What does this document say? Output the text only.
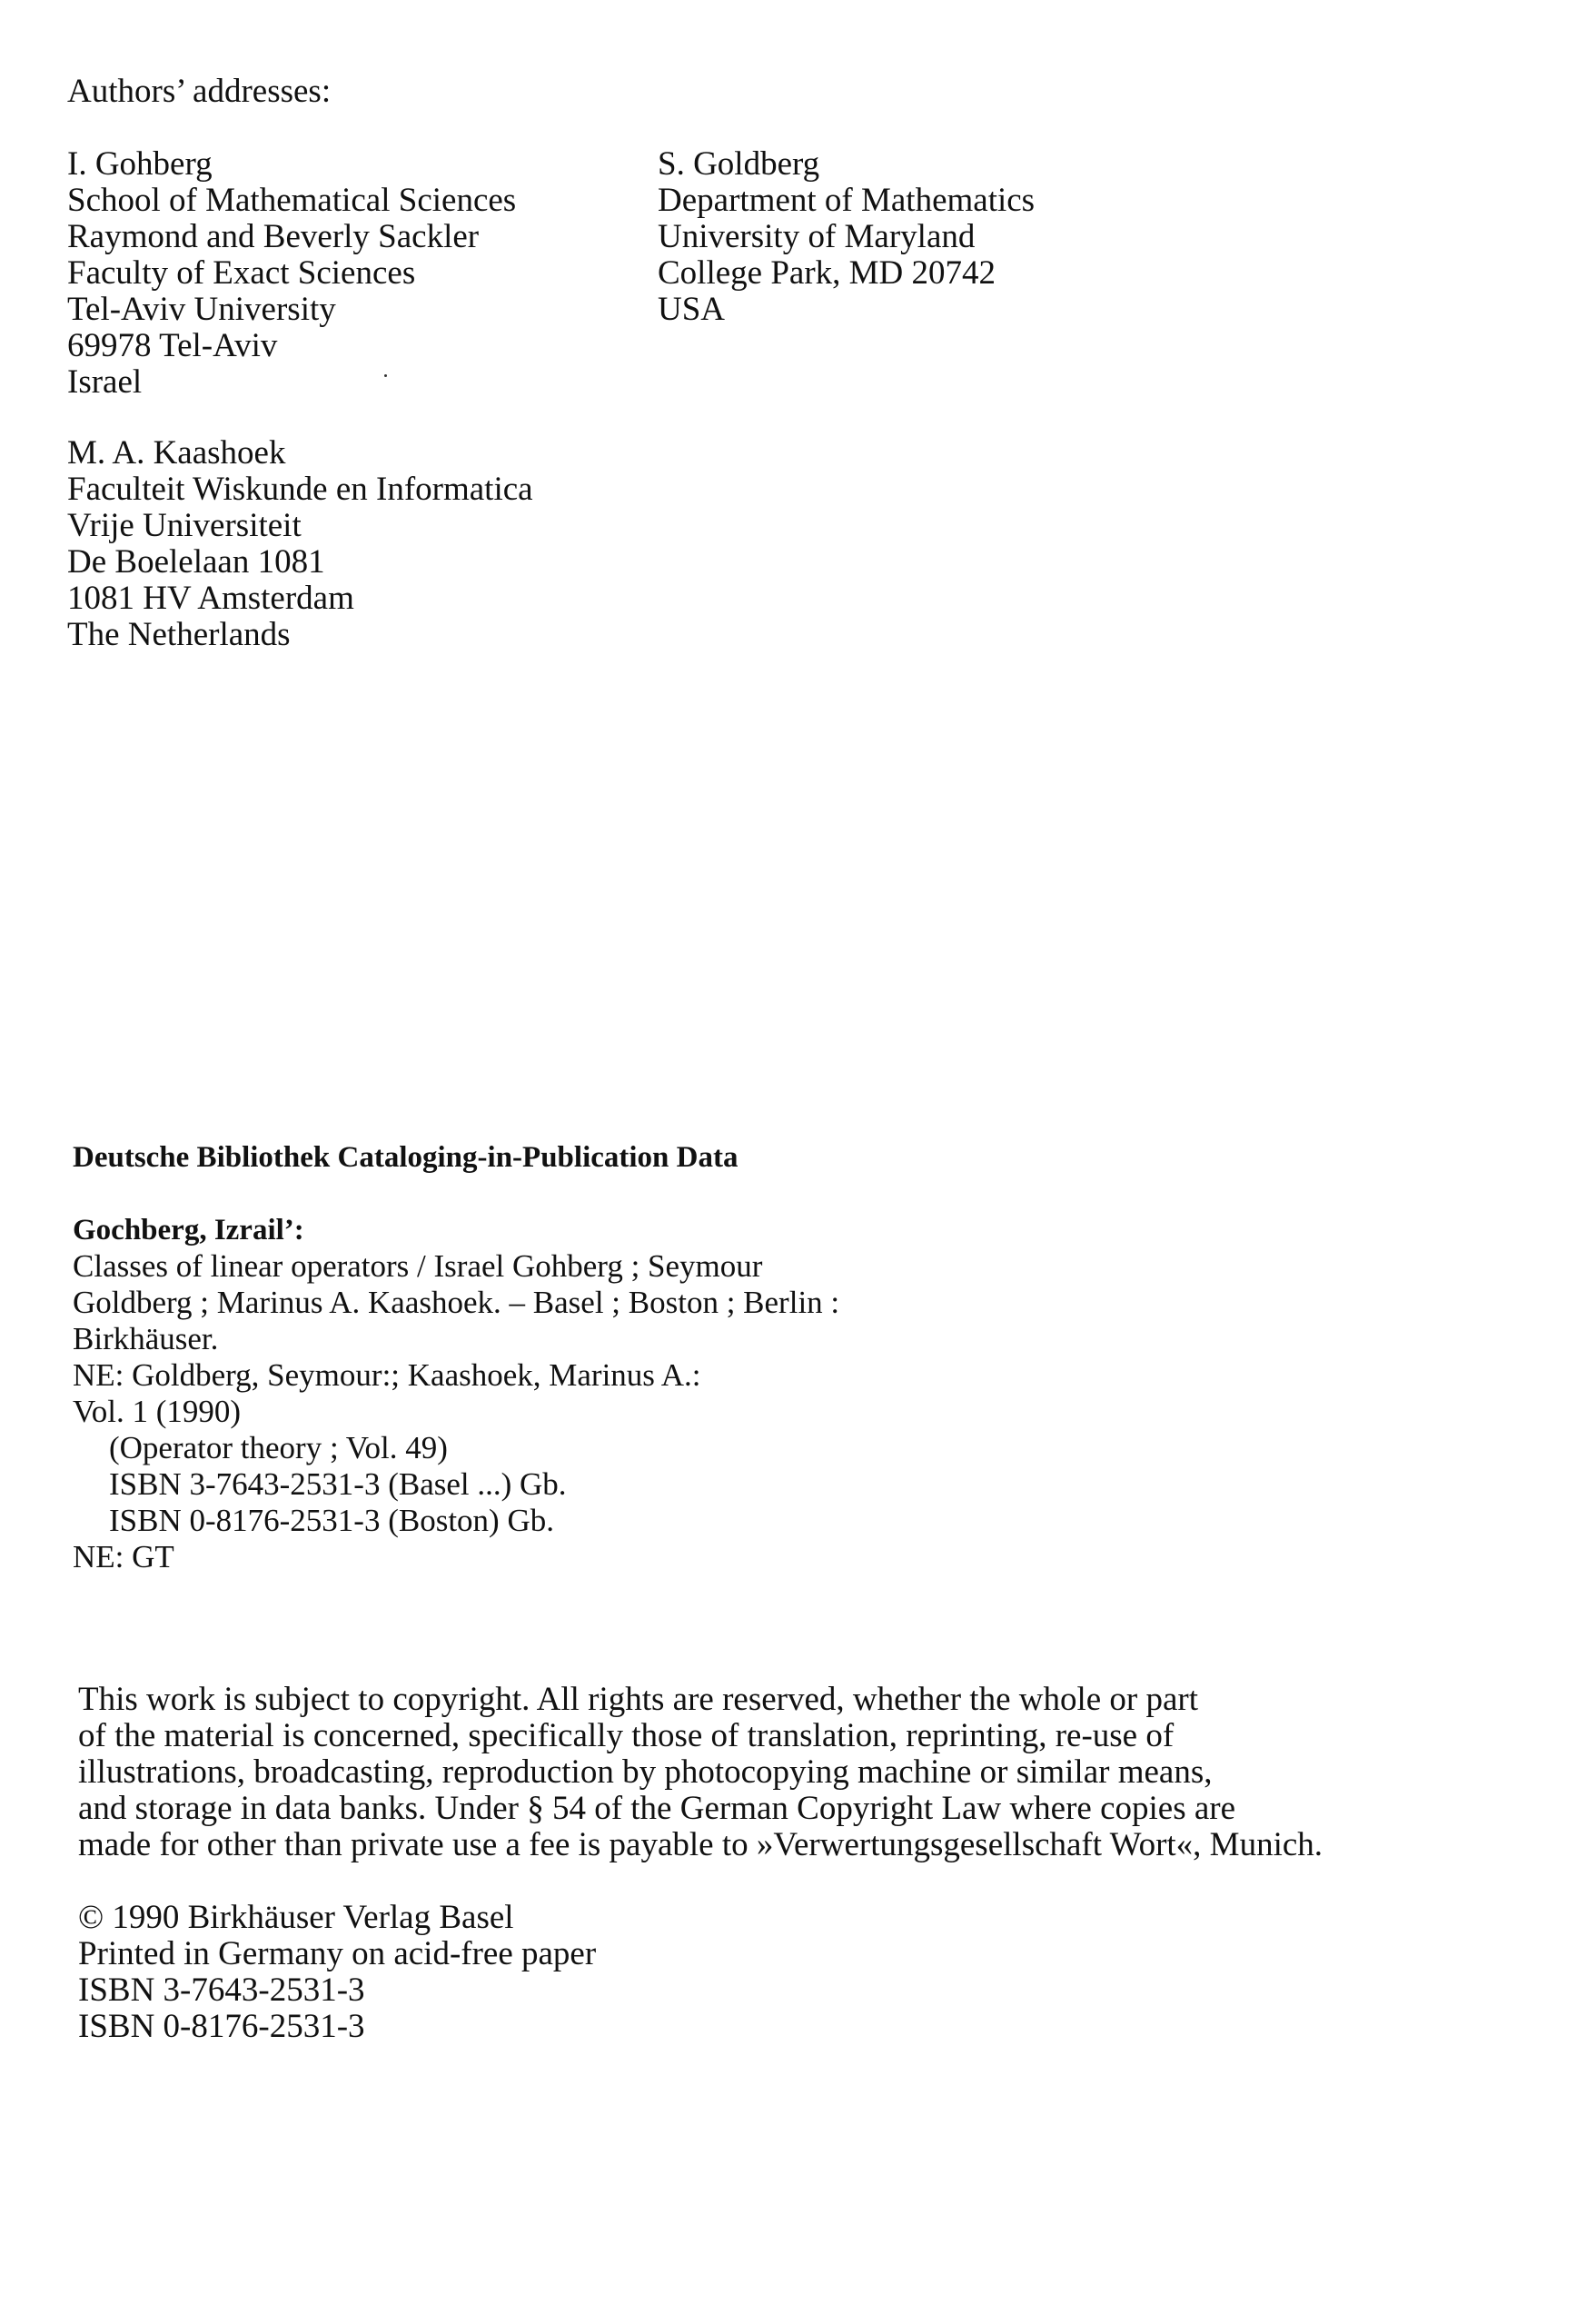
Authors’ addresses:
I. Gohberg
School of Mathematical Sciences
Raymond and Beverly Sackler
Faculty of Exact Sciences
Tel-Aviv University
69978 Tel-Aviv
Israel
S. Goldberg
Department of Mathematics
University of Maryland
College Park, MD 20742
USA
M. A. Kaashoek
Faculteit Wiskunde en Informatica
Vrije Universiteit
De Boelelaan 1081
1081 HV Amsterdam
The Netherlands
Deutsche Bibliothek Cataloging-in-Publication Data
Gochberg, Izrail’:
Classes of linear operators / Israel Gohberg ; Seymour
Goldberg ; Marinus A. Kaashoek. – Basel ; Boston ; Berlin :
Birkhäuser.
NE: Goldberg, Seymour:; Kaashoek, Marinus A.:
Vol. 1 (1990)
(Operator theory ; Vol. 49)
ISBN 3-7643-2531-3 (Basel ...) Gb.
ISBN 0-8176-2531-3 (Boston) Gb.
NE: GT
This work is subject to copyright. All rights are reserved, whether the whole or part
of the material is concerned, specifically those of translation, reprinting, re-use of
illustrations, broadcasting, reproduction by photocopying machine or similar means,
and storage in data banks. Under § 54 of the German Copyright Law where copies are
made for other than private use a fee is payable to »Verwertungsgesellschaft Wort«, Munich.
© 1990 Birkhäuser Verlag Basel
Printed in Germany on acid-free paper
ISBN 3-7643-2531-3
ISBN 0-8176-2531-3
